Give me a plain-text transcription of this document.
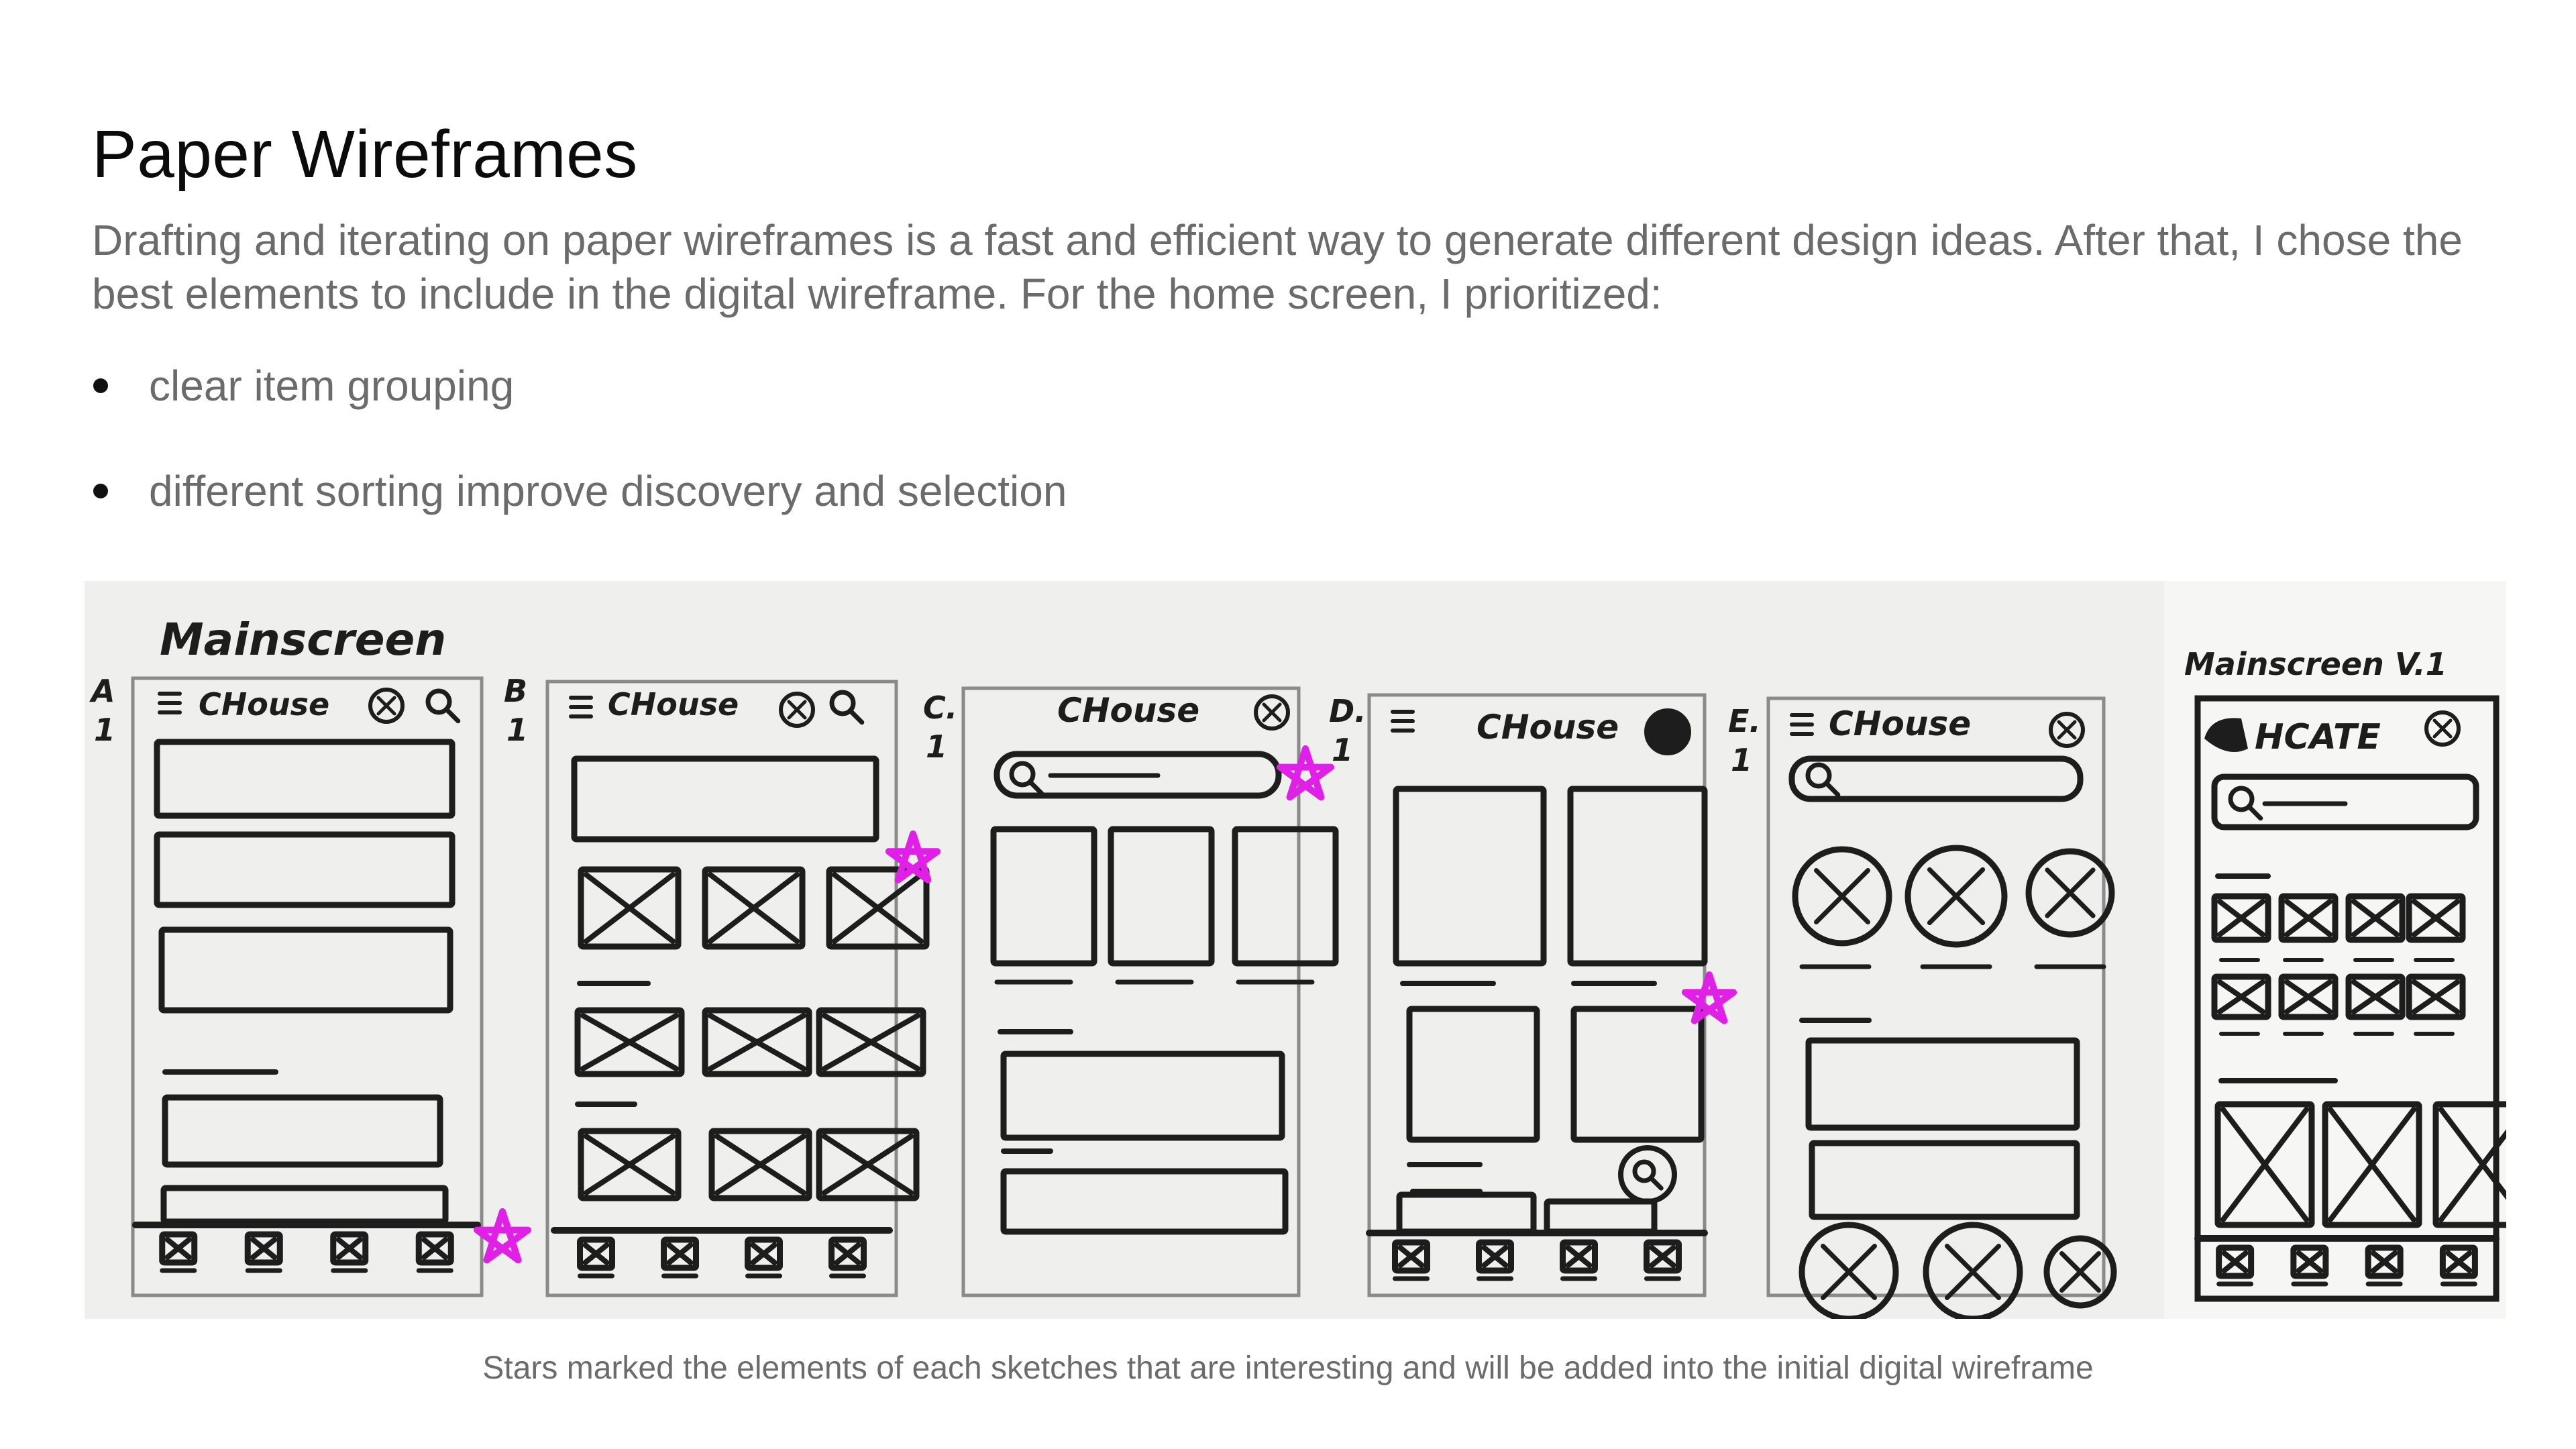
Paper Wireframes

Drafting and iterating on paper wireframes is a fast and efficient way to generate different design ideas. After that, I chose the best elements to include in the digital wireframe. For the home screen, I prioritized:

clear item grouping
different sorting improve discovery and selection
Mainscreen	Mainscreen V.1
A
1
CHouse	B
1
CHouse	C.
1
CHouse	D.
1
CHouse	E.
1
CHouse	HCATE

Stars marked the elements of each sketches that are interesting and will be added into the initial digital wireframe
